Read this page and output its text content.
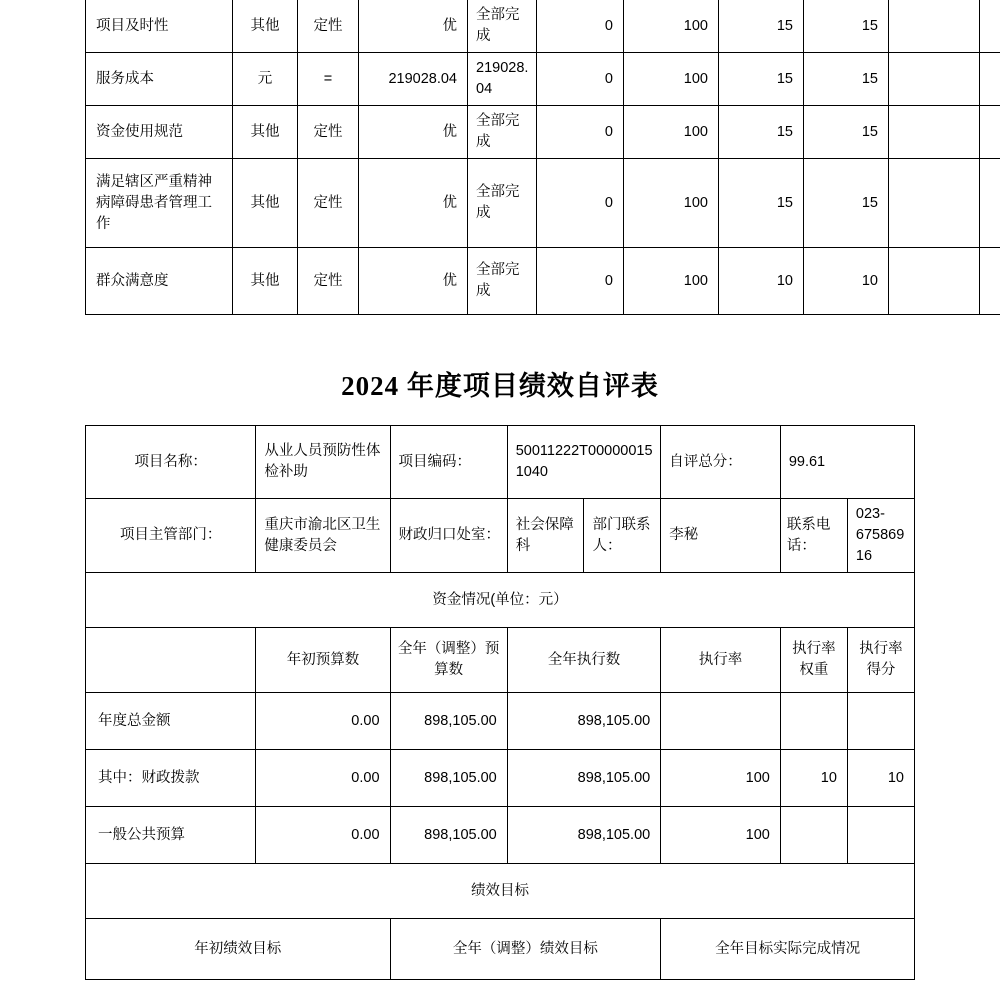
项目及时性	其他	定性	优	全部完成	0	100	15	15		
服务成本	元	=	219028.04	219028.04	0	100	15	15		
资金使用规范	其他	定性	优	全部完成	0	100	15	15		
满足辖区严重精神病障碍患者管理工作	其他	定性	优	全部完成	0	100	15	15		
群众满意度	其他	定性	优	全部完成	0	100	10	10		
2024 年度项目绩效自评表
项目名称：	从业人员预防性体检补助	项目编码：	50011222T000000151040		自评总分：	99.61	
项目主管部门：	重庆市渝北区卫生健康委员会	财政归口处室：	社会保障科	部门联系人：	李秘	联系电话：	023-67586916
资金情况(单位：元）							
	年初预算数	全年（调整）预算数	全年执行数		执行率	执行率权重	执行率得分
年度总金额	0.00	898,105.00	898,105.00				
其中：财政拨款	0.00	898,105.00	898,105.00		100	10	10
一般公共预算	0.00	898,105.00	898,105.00		100		
绩效目标							
年初绩效目标		全年（调整）绩效目标			全年目标实际完成情况		
